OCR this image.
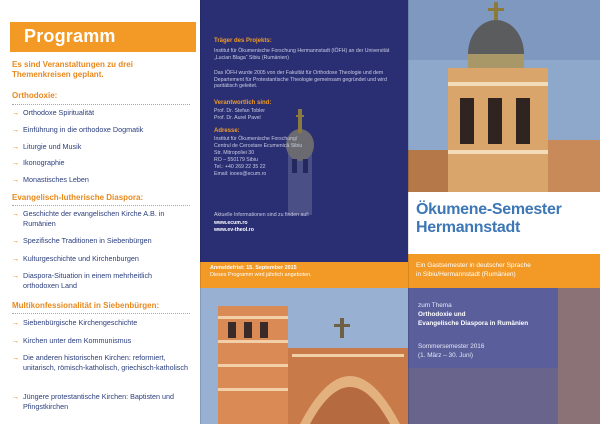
Programm
Es sind Veranstaltungen zu drei Themenkreisen geplant.
Orthodoxie:
→ Orthodoxe Spiritualität
→ Einführung in die orthodoxe Dogmatik
→ Liturgie und Musik
→ Ikonographie
→ Monastisches Leben
Evangelisch-lutherische Diaspora:
→ Geschichte der evangelischen Kirche A.B. in Rumänien
→ Spezifische Traditionen in Siebenbürgen
→ Kulturgeschichte und Kirchenburgen
→ Diaspora-Situation in einem mehrheitlich orthodoxen Land
Multikonfessionalität in Siebenbürgen:
→ Siebenbürgische Kirchengeschichte
→ Kirchen unter dem Kommunismus
→ Die anderen historischen Kirchen: reformiert, unitarisch, römisch-katholisch, griechisch-katholisch
→ Jüngere protestantische Kirchen: Baptisten und Pfingstkirchen
Träger des Projekts:
Institut für Ökumenische Forschung Hermannstadt (IÖFH) an der Universität „Lucian Blaga“ Sibiu (Rumänien)
Das IÖFH wurde 2005 von der Fakultät für Orthodoxe Theologie und dem Departement für Protestantische Theologie gemeinsam gegründet und wird paritätisch geleitet.
Verantwortlich sind:
Prof. Dr. Stefan Tobler
Prof. Dr. Aurel Pavel
Adresse:
Institut für Ökumenische Forschung/
Centrul de Cercetare Ecumenică Sibiu
Str. Mitropoliei 30
RO – 550179 Sibiu
Tel.: +40 269 22 35 22
Email: iooes@ecum.ro
Aktuelle Informationen sind zu finden auf:
www.ecum.ro
www.ev-theol.ro
Anmeldefrist: 15. September 2015
Dieses Programm wird jährlich angeboten.
Ökumene-Semester
Hermannstadt
Ein Gastsemester in deutscher Sprache
in Sibiu/Hermannstadt (Rumänien)
zum Thema
Orthodoxie und
Evangelische Diaspora in Rumänien
Sommersemester 2016
(1. März – 30. Juni)
